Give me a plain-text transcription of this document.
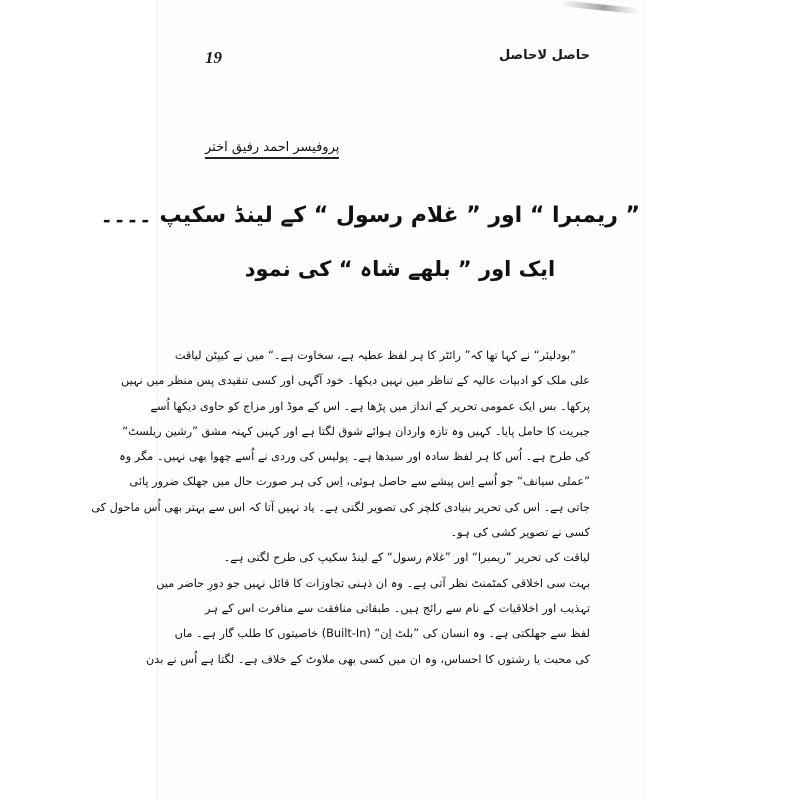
19	حاصل لاحاصل
پروفیسر احمد رفیق اختر
” ریمبرا “ اور ” غلام رسول “ کے لینڈ سکیپ ۔۔۔۔
ایک اور ” بلھے شاہ “ کی نمود
”بودلیئر“ نے کہا تھا کہ” رائٹر کا ہر لفظ عطیہ ہے، سخاوت ہے۔“ میں نے کیپٹن لیاقت
علی ملک کو ادبیات عالیہ کے تناظر میں نہیں دیکھا۔ خود آگہی اور کسی تنقیدی پس منظر میں نہیں
پرکھا۔ بس ایک عمومی تحریر کے انداز میں پڑھا ہے۔ اس کے موڈ اور مزاج کو حاوی دیکھا اُسے
جبریت کا حامل پایا۔ کہیں وہ تازہ واردان ہوائے شوق لگتا ہے اور کہیں کہنہ مشق ”رشین ریلسٹ“
کی طرح ہے۔ اُس کا ہر لفظ سادہ اور سیدھا ہے۔ پولیس کی وردی نے اُسے چھوا بھی نہیں۔ مگر وہ
”عملی سیانف“ جو اُسے اِس پیشے سے حاصل ہوئی، اِس کی ہر صورت حال میں جھلک ضرور پائی
جاتی ہے۔ اس کی تحریر بنیادی کلچر کی تصویر لگتی ہے۔ یاد نہیں آتا کہ اس سے بہتر بھی اُس ماحول کی
کسی نے تصویر کشی کی ہو۔
لیاقت کی تحریر ”ریمبرا“ اور ”غلام رسول“ کے لینڈ سکیپ کی طرح لگتی ہے۔
بہت سی اخلاقی کمٹمنٹ نظر آتی ہے۔ وہ ان ذہنی تجاوزات کا قائل نہیں جو دورِ حاضر میں
تہذیب اور اخلاقیات کے نام سے رائج ہیں۔ طبقاتی منافقت سے منافرت اس کے ہر
لفظ سے جھلکتی ہے۔ وہ انسان کی ”بلٹ اِن“ (Built-In) خاصیتوں کا طلب گار ہے۔ ماں
کی محبت یا رشتوں کا احساس، وہ ان میں کسی بھی ملاوٹ کے خلاف ہے۔ لگتا ہے اُس نے بدن
